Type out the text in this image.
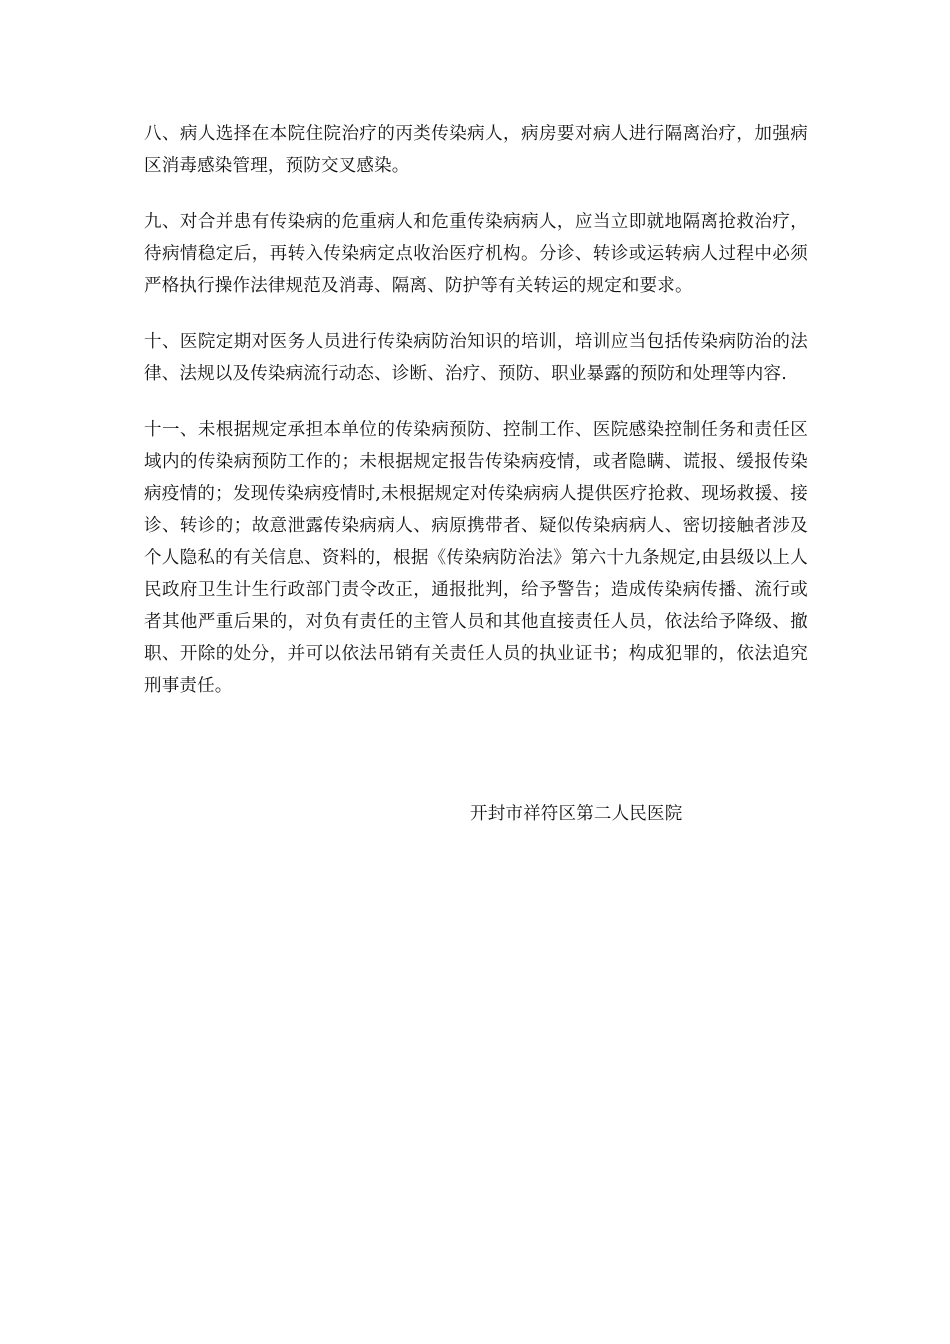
八、病人选择在本院住院治疗的丙类传染病人，病房要对病人进行隔离治疗，加强病区消毒感染管理，预防交叉感染。

九、对合并患有传染病的危重病人和危重传染病病人，应当立即就地隔离抢救治疗，待病情稳定后，再转入传染病定点收治医疗机构。分诊、转诊或运转病人过程中必须严格执行操作法律规范及消毒、隔离、防护等有关转运的规定和要求。

十、医院定期对医务人员进行传染病防治知识的培训，培训应当包括传染病防治的法律、法规以及传染病流行动态、诊断、治疗、预防、职业暴露的预防和处理等内容.

十一、未根据规定承担本单位的传染病预防、控制工作、医院感染控制任务和责任区域内的传染病预防工作的；未根据规定报告传染病疫情，或者隐瞒、谎报、缓报传染病疫情的；发现传染病疫情时,未根据规定对传染病病人提供医疗抢救、现场救援、接诊、转诊的；故意泄露传染病病人、病原携带者、疑似传染病病人、密切接触者涉及个人隐私的有关信息、资料的，根据《传染病防治法》第六十九条规定,由县级以上人民政府卫生计生行政部门责令改正，通报批判，给予警告；造成传染病传播、流行或者其他严重后果的，对负有责任的主管人员和其他直接责任人员，依法给予降级、撤职、开除的处分，并可以依法吊销有关责任人员的执业证书；构成犯罪的，依法追究刑事责任。

开封市祥符区第二人民医院
